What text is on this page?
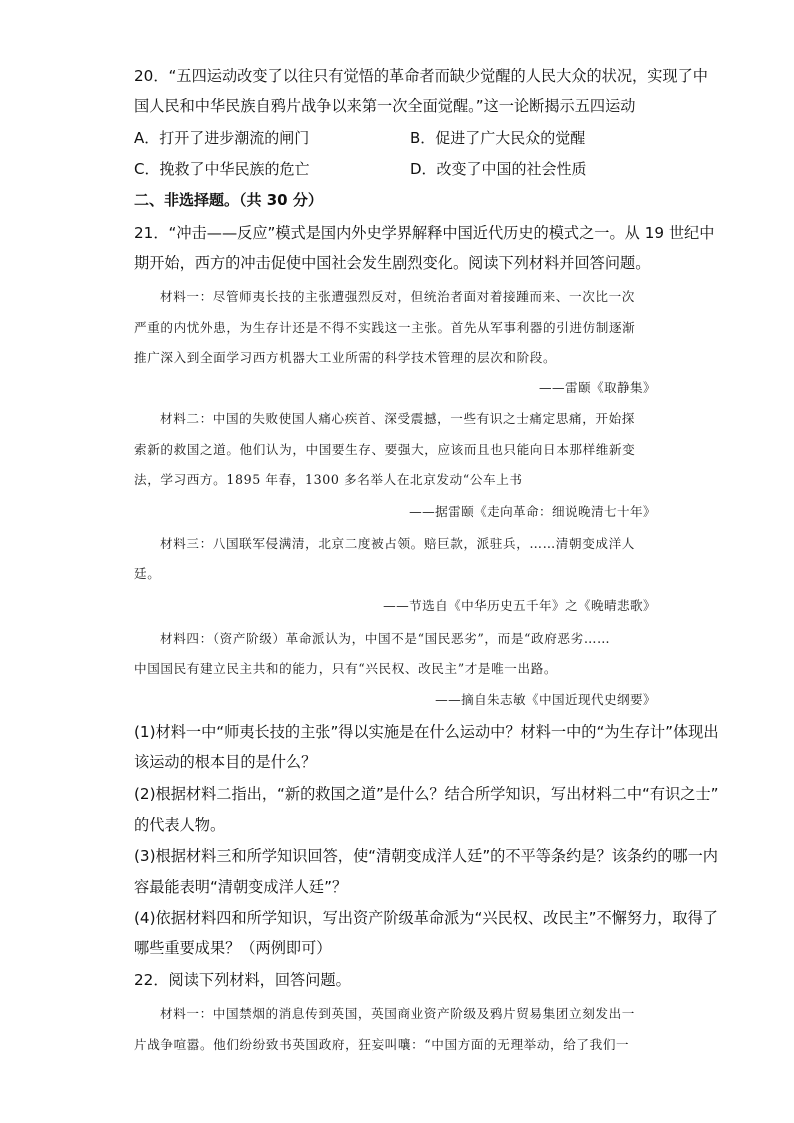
20．“五四运动改变了以往只有觉悟的革命者而缺少觉醒的人民大众的状况，实现了中
国人民和中华民族自鸦片战争以来第一次全面觉醒。”这一论断揭示五四运动
A．打开了进步潮流的闸门	B．促进了广大民众的觉醒
C．挽救了中华民族的危亡	D．改变了中国的社会性质
二、非选择题。（共 30 分）
21．“冲击——反应”模式是国内外史学界解释中国近代历史的模式之一。从 19 世纪中
期开始，西方的冲击促使中国社会发生剧烈变化。阅读下列材料并回答问题。
材料一：尽管师夷长技的主张遭强烈反对，但统治者面对着接踵而来、一次比一次
严重的内忧外患，为生存计还是不得不实践这一主张。首先从军事利器的引进仿制逐渐
推广深入到全面学习西方机器大工业所需的科学技术管理的层次和阶段。
——雷颐《取静集》
材料二：中国的失败使国人痛心疾首、深受震撼，一些有识之士痛定思痛，开始探
索新的救国之道。他们认为，中国要生存、要强大，应该而且也只能向日本那样维新变
法，学习西方。1895 年春，1300 多名举人在北京发动“公车上书
——据雷颐《走向革命：细说晚清七十年》
材料三：八国联军侵满清，北京二度被占领。赔巨款，派驻兵，……清朝变成洋人
廷。
——节选自《中华历史五千年》之《晚晴悲歌》
材料四：（资产阶级）革命派认为，中国不是“国民恶劣”，而是“政府恶劣……
中国国民有建立民主共和的能力，只有“兴民权、改民主”才是唯一出路。
——摘自朱志敏《中国近现代史纲要》
(1)材料一中“师夷长技的主张”得以实施是在什么运动中？材料一中的“为生存计”体现出
该运动的根本目的是什么？
(2)根据材料二指出，“新的救国之道”是什么？结合所学知识，写出材料二中“有识之士”
的代表人物。
(3)根据材料三和所学知识回答，使“清朝变成洋人廷”的不平等条约是？该条约的哪一内
容最能表明“清朝变成洋人廷”？
(4)依据材料四和所学知识，写出资产阶级革命派为“兴民权、改民主”不懈努力，取得了
哪些重要成果？（两例即可）
22．阅读下列材料，回答问题。
材料一：中国禁烟的消息传到英国，英国商业资产阶级及鸦片贸易集团立刻发出一
片战争喧嚣。他们纷纷致书英国政府，狂妄叫嚷：“中国方面的无理举动，给了我们一
